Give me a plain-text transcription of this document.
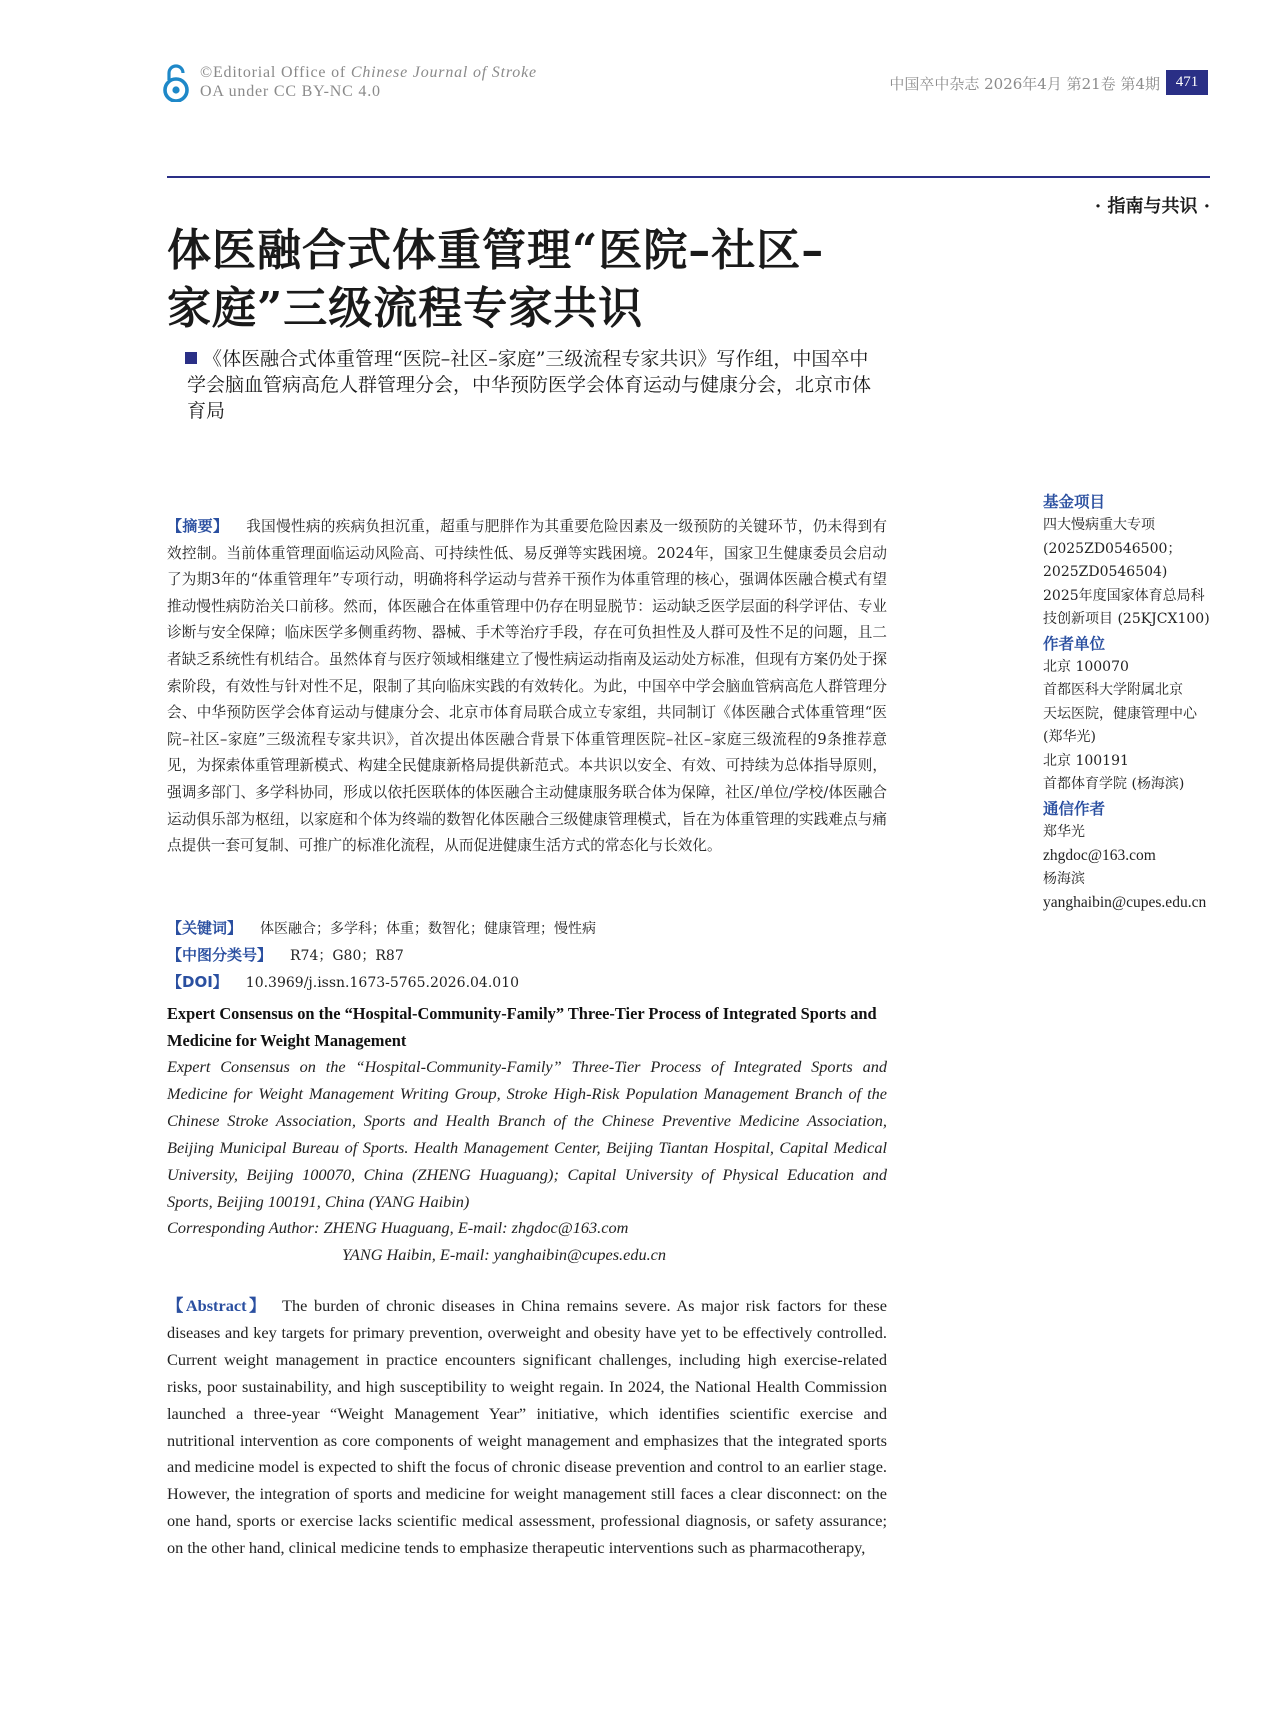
©Editorial Office of Chinese Journal of Stroke
OA under CC BY-NC 4.0	中国卒中杂志 2026年4月 第21卷 第4期	471
· 指南与共识 ·
体医融合式体重管理“医院–社区–
家庭”三级流程专家共识
《体医融合式体重管理“医院–社区–家庭”三级流程专家共识》写作组，中国卒中学会脑血管病高危人群管理分会，中华预防医学会体育运动与健康分会，北京市体育局
【摘要】 我国慢性病的疾病负担沉重，超重与肥胖作为其重要危险因素及一级预防的关键环节，仍未得到有效控制。当前体重管理面临运动风险高、可持续性低、易反弹等实践困境。2024年，国家卫生健康委员会启动了为期3年的“体重管理年”专项行动，明确将科学运动与营养干预作为体重管理的核心，强调体医融合模式有望推动慢性病防治关口前移。然而，体医融合在体重管理中仍存在明显脱节：运动缺乏医学层面的科学评估、专业诊断与安全保障；临床医学多侧重药物、器械、手术等治疗手段，存在可负担性及人群可及性不足的问题，且二者缺乏系统性有机结合。虽然体育与医疗领域相继建立了慢性病运动指南及运动处方标准，但现有方案仍处于探索阶段，有效性与针对性不足，限制了其向临床实践的有效转化。为此，中国卒中学会脑血管病高危人群管理分会、中华预防医学会体育运动与健康分会、北京市体育局联合成立专家组，共同制订《体医融合式体重管理“医院–社区–家庭”三级流程专家共识》，首次提出体医融合背景下体重管理医院–社区–家庭三级流程的9条推荐意见，为探索体重管理新模式、构建全民健康新格局提供新范式。本共识以安全、有效、可持续为总体指导原则，强调多部门、多学科协同，形成以依托医联体的体医融合主动健康服务联合体为保障，社区/单位/学校/体医融合运动俱乐部为枢纽，以家庭和个体为终端的数智化体医融合三级健康管理模式，旨在为体重管理的实践难点与痛点提供一套可复制、可推广的标准化流程，从而促进健康生活方式的常态化与长效化。
【关键词】 体医融合；多学科；体重；数智化；健康管理；慢性病
【中图分类号】 R74；G80；R87
【DOI】 10.3969/j.issn.1673-5765.2026.04.010
基金项目
四大慢病重大专项
(2025ZD0546500；
2025ZD0546504)
2025年度国家体育总局科
技创新项目 (25KJCX100)
作者单位
北京 100070
首都医科大学附属北京
天坛医院，健康管理中心
(郑华光)
北京 100191
首都体育学院 (杨海滨)
通信作者
郑华光
zhgdoc@163.com
杨海滨
yanghaibin@cupes.edu.cn
Expert Consensus on the “Hospital-Community-Family” Three-Tier Process of Integrated Sports and Medicine for Weight Management
Expert Consensus on the “Hospital-Community-Family” Three-Tier Process of Integrated Sports and Medicine for Weight Management Writing Group, Stroke High-Risk Population Management Branch of the Chinese Stroke Association, Sports and Health Branch of the Chinese Preventive Medicine Association, Beijing Municipal Bureau of Sports. Health Management Center, Beijing Tiantan Hospital, Capital Medical University, Beijing 100070, China (ZHENG Huaguang); Capital University of Physical Education and Sports, Beijing 100191, China (YANG Haibin)
Corresponding Author: ZHENG Huaguang, E-mail: zhgdoc@163.com

YANG Haibin, E-mail: yanghaibin@cupes.edu.cn
【Abstract】 The burden of chronic diseases in China remains severe. As major risk factors for these diseases and key targets for primary prevention, overweight and obesity have yet to be effectively controlled. Current weight management in practice encounters significant challenges, including high exercise-related risks, poor sustainability, and high susceptibility to weight regain. In 2024, the National Health Commission launched a three-year “Weight Management Year” initiative, which identifies scientific exercise and nutritional intervention as core components of weight management and emphasizes that the integrated sports and medicine model is expected to shift the focus of chronic disease prevention and control to an earlier stage. However, the integration of sports and medicine for weight management still faces a clear disconnect: on the one hand, sports or exercise lacks scientific medical assessment, professional diagnosis, or safety assurance; on the other hand, clinical medicine tends to emphasize therapeutic interventions such as pharmacotherapy,
